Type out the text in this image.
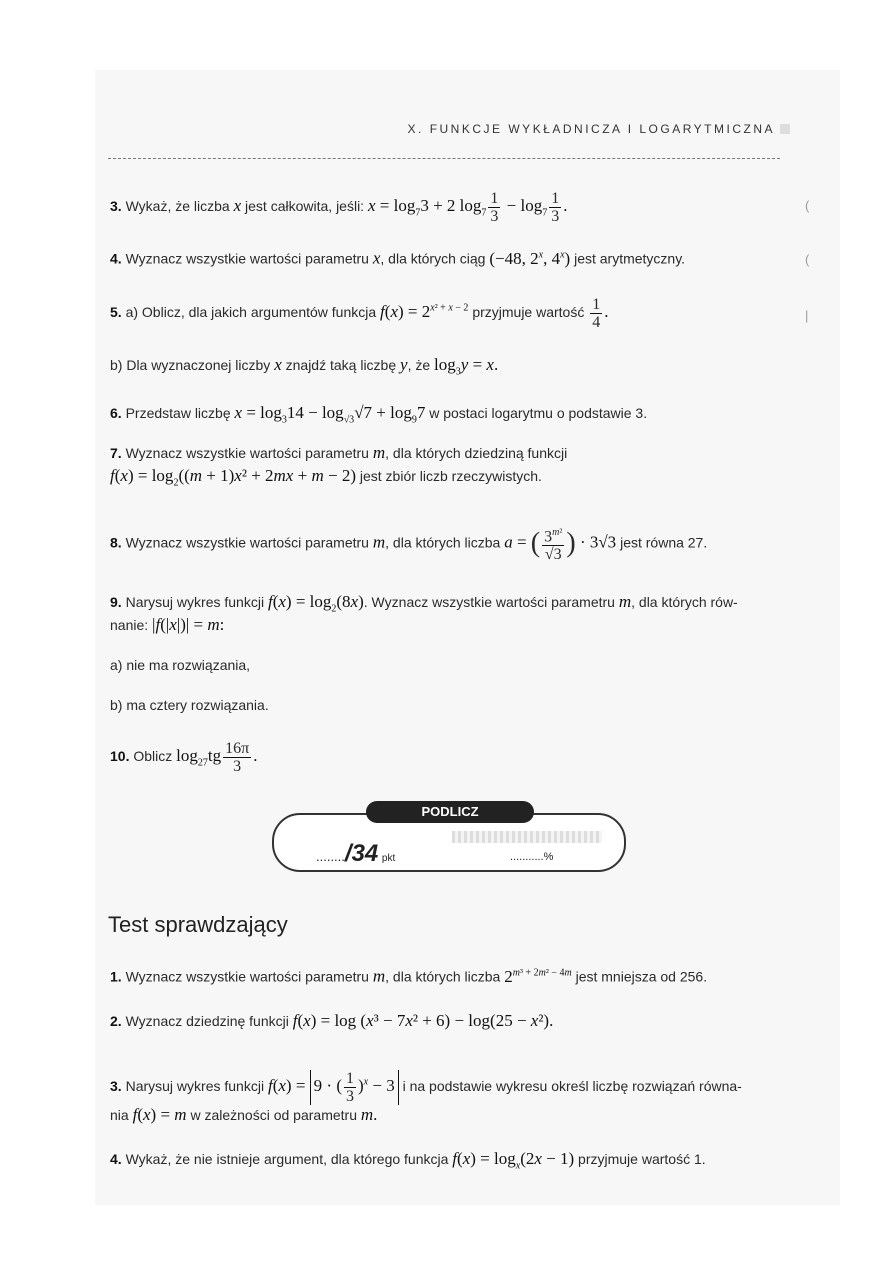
X. FUNKCJE WYKŁADNICZA I LOGARYTMICZNA
3. Wykaż, że liczba x jest całkowita, jeśli: $x = \log_73 + 2$ $\log_7 \frac{1}{3} - \log_7 \frac{1}{3}$ .
4. Wyznacz wszystkie wartości parametru x, dla których ciąg (−48, 2$^x$, 4$^x$) jest arytmetyczny.
5. a) Oblicz, dla jakich argumentów funkcja $f(x) = 2^{x^2 + x - 2}$ przyjmuje wartość $\frac{1}{4}$ .
b) Dla wyznaczonej liczby x znajdź taką liczbę y, że $\log_3y = x$.
6. Przedstaw liczbę $x = \log_314 - \log_{√3}√7 + \log_97$ w postaci logarytmu o podstawie 3.
7. Wyznacz wszystkie wartości parametru m, dla których dziedziną funkcji
$f(x) = \log_2((m + 1)x^2 + 2mx + m - 2)$ jest zbiór liczb rzeczywistych.
8. Wyznacz wszystkie wartości parametru m, dla których liczba a = ( $\frac{3^{m^2}}{√3}$ ) · 3√3 jest równa 27.
9. Narysuj wykres funkcji $f(x) = \log_2(8x)$. Wyznacz wszystkie wartości parametru m, dla których rów-
nanie: |f(|x|)| = m:
a) nie ma rozwiązania,
b) ma cztery rozwiązania.
10. Oblicz $\log_{27}tg \frac{16\pi}{3}$ .
PODLICZ
......../34 pkt	...........%
Test sprawdzający
1. Wyznacz wszystkie wartości parametru m, dla których liczba $2^{m^3 + 2m^2 - 4m}$ jest mniejsza od 256.
2. Wyznacz dziedzinę funkcji f(x) = log (x³ − 7x² + 6) − log(25 − x²).
3. Narysuj wykres funkcji f(x) = 9 · ( $\frac{1}{3} )^x - 3$ i na podstawie wykresu określ liczbę rozwiązań równa-
nia f(x) = m w zależności od parametru m.
4. Wykaż, że nie istnieje argument, dla którego funkcja $f(x) = \log_x(2x - 1)$ przyjmuje wartość 1.
(
(
|
